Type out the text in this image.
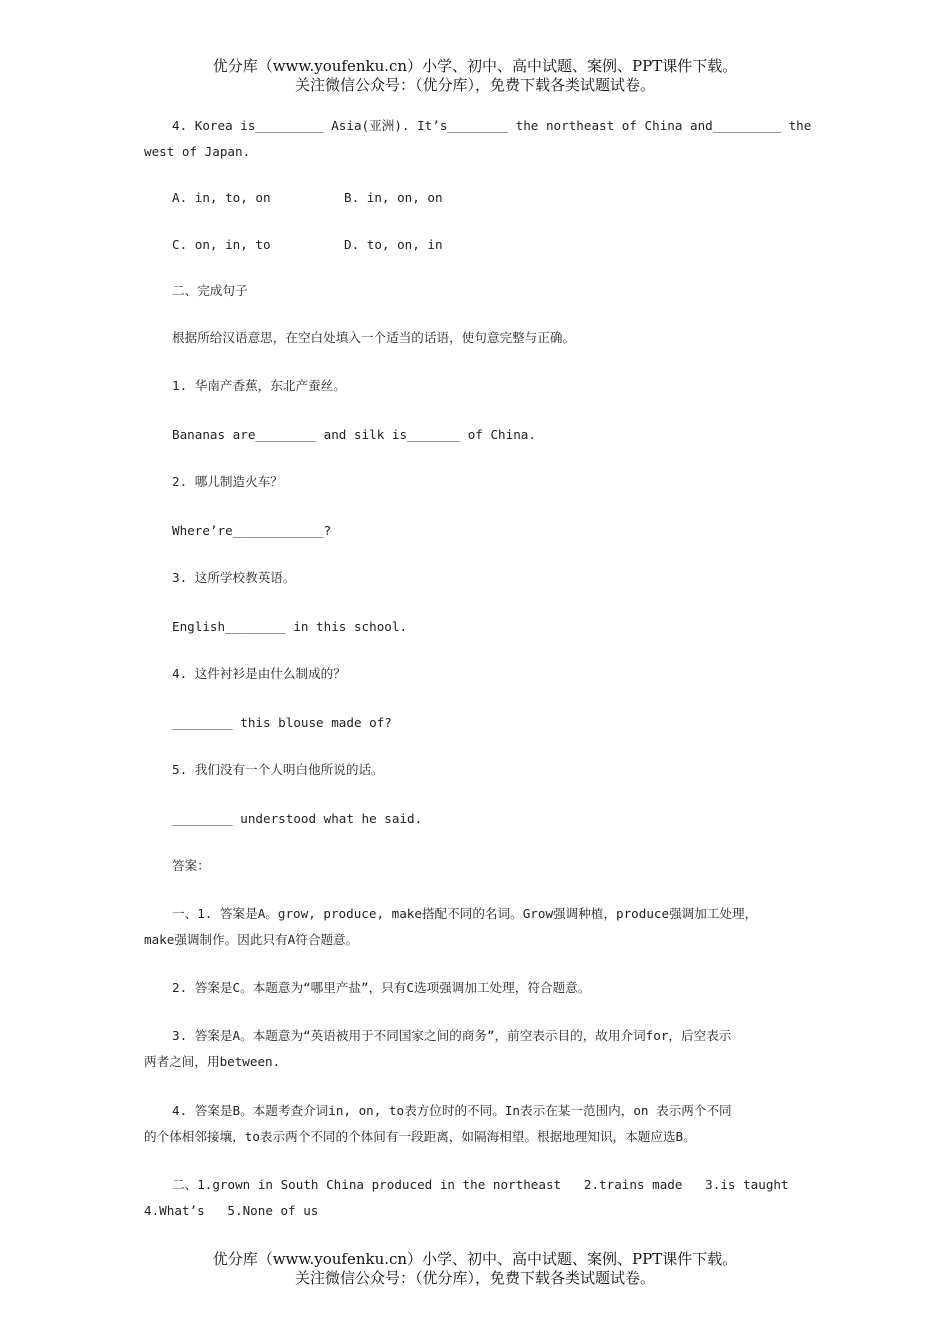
优分库（www.youfenku.cn）小学、初中、高中试题、案例、PPT课件下载。
关注微信公众号：（优分库），免费下载各类试题试卷。
4. Korea is_________ Asia(亚洲). It’s________ the northeast of China and_________ the
west of Japan.
A. in, to, on	B. in, on, on
C. on, in, to	D. to, on, in
二、完成句子
根据所给汉语意思，在空白处填入一个适当的话语，使句意完整与正确。
1. 华南产香蕉，东北产蚕丝。
Bananas are________ and silk is_______ of China.
2. 哪儿制造火车？
Where’re____________?
3. 这所学校教英语。
English________ in this school.
4. 这件衬衫是由什么制成的？
________ this blouse made of?
5. 我们没有一个人明白他所说的话。
________ understood what he said.
答案：
一、1. 答案是A。grow, produce, make搭配不同的名词。Grow强调种植，produce强调加工处理，
make强调制作。因此只有A符合题意。
2. 答案是C。本题意为“哪里产盐”，只有C选项强调加工处理，符合题意。
3. 答案是A。本题意为“英语被用于不同国家之间的商务”，前空表示目的，故用介词for，后空表示
两者之间，用between.
4. 答案是B。本题考查介词in, on, to表方位时的不同。In表示在某一范围内，on 表示两个不同
的个体相邻接壤，to表示两个不同的个体间有一段距离，如隔海相望。根据地理知识，本题应选B。
二、1.grown in South China produced in the northeast   2.trains made   3.is taught
4.What’s   5.None of us
优分库（www.youfenku.cn）小学、初中、高中试题、案例、PPT课件下载。
关注微信公众号：（优分库），免费下载各类试题试卷。
